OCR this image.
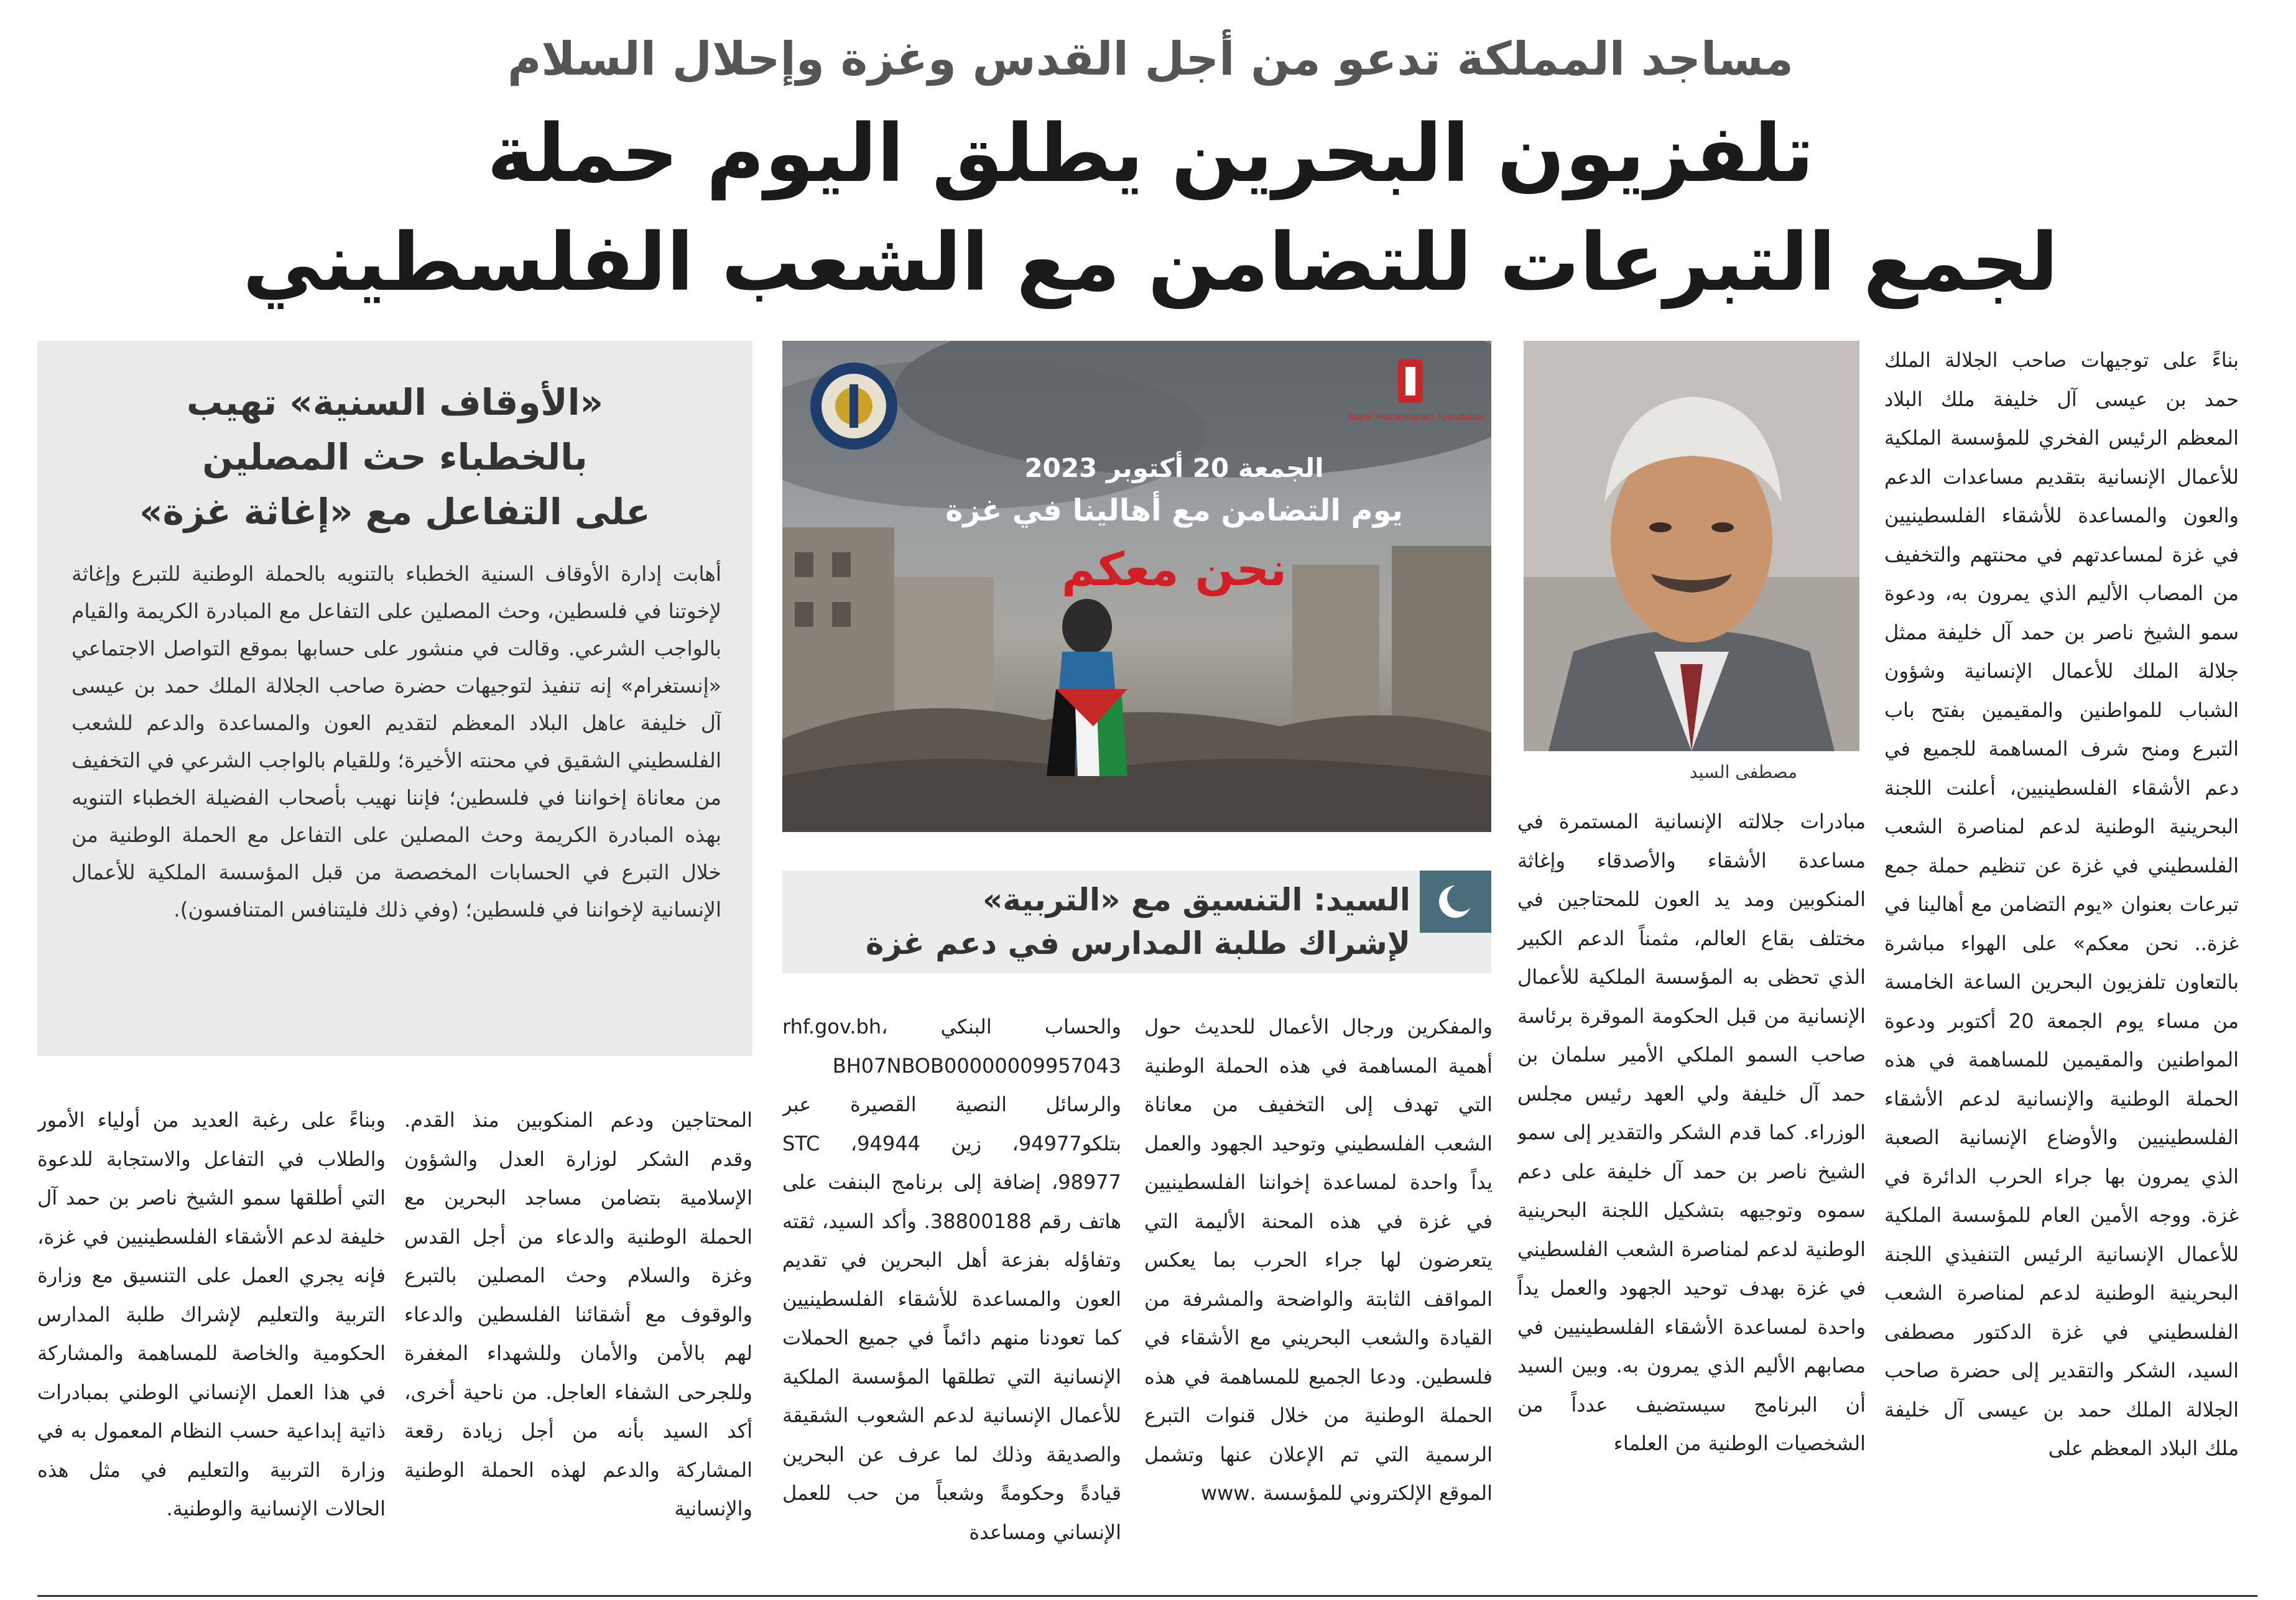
مساجد المملكة تدعو من أجل القدس وغزة وإحلال السلام
تلفزيون البحرين يطلق اليوم حملة
لجمع التبرعات للتضامن مع الشعب الفلسطيني

بناءً على توجيهات صاحب الجلالة الملك حمد بن عيسى آل خليفة ملك البلاد المعظم الرئيس الفخري للمؤسسة الملكية للأعمال الإنسانية بتقديم مساعدات الدعم والعون والمساعدة للأشقاء الفلسطينيين في غزة لمساعدتهم في محنتهم والتخفيف من المصاب الأليم الذي يمرون به، ودعوة سمو الشيخ ناصر بن حمد آل خليفة ممثل جلالة الملك للأعمال الإنسانية وشؤون الشباب للمواطنين والمقيمين بفتح باب التبرع ومنح شرف المساهمة للجميع في دعم الأشقاء الفلسطينيين، أعلنت اللجنة البحرينية الوطنية لدعم لمناصرة الشعب الفلسطيني في غزة عن تنظيم حملة جمع تبرعات بعنوان «يوم التضامن مع أهالينا في غزة.. نحن معكم» على الهواء مباشرة بالتعاون تلفزيون البحرين الساعة الخامسة من مساء يوم الجمعة 20 أكتوبر ودعوة المواطنين والمقيمين للمساهمة في هذه الحملة الوطنية والإنسانية لدعم الأشقاء الفلسطينيين والأوضاع الإنسانية الصعبة الذي يمرون بها جراء الحرب الدائرة في غزة. ووجه الأمين العام للمؤسسة الملكية للأعمال الإنسانية الرئيس التنفيذي اللجنة البحرينية الوطنية لدعم لمناصرة الشعب الفلسطيني في غزة الدكتور مصطفى السيد، الشكر والتقدير إلى حضرة صاحب الجلالة الملك حمد بن عيسى آل خليفة ملك البلاد المعظم على

مصطفى السيد

مبادرات جلالته الإنسانية المستمرة في مساعدة الأشقاء والأصدقاء وإغاثة المنكوبين ومد يد العون للمحتاجين في مختلف بقاع العالم، مثمناً الدعم الكبير الذي تحظى به المؤسسة الملكية للأعمال الإنسانية من قبل الحكومة الموقرة برئاسة صاحب السمو الملكي الأمير سلمان بن حمد آل خليفة ولي العهد رئيس مجلس الوزراء. كما قدم الشكر والتقدير إلى سمو الشيخ ناصر بن حمد آل خليفة على دعم سموه وتوجيهه بتشكيل اللجنة البحرينية الوطنية لدعم لمناصرة الشعب الفلسطيني في غزة بهدف توحيد الجهود والعمل يداً واحدة لمساعدة الأشقاء الفلسطينيين في مصابهم الأليم الذي يمرون به. وبين السيد أن البرنامج سيستضيف عدداً من الشخصيات الوطنية من العلماء

Royal Humanitarian Foundation
الجمعة 20 أكتوبر 2023
يوم التضامن مع أهالينا في غزة
نحن معكم
السيد: التنسيق مع «التربية»
لإشراك طلبة المدارس في دعم غزة

والمفكرين ورجال الأعمال للحديث حول أهمية المساهمة في هذه الحملة الوطنية التي تهدف إلى التخفيف من معاناة الشعب الفلسطيني وتوحيد الجهود والعمل يداً واحدة لمساعدة إخواننا الفلسطينيين في غزة في هذه المحنة الأليمة التي يتعرضون لها جراء الحرب بما يعكس المواقف الثابتة والواضحة والمشرفة من القيادة والشعب البحريني مع الأشقاء في فلسطين. ودعا الجميع للمساهمة في هذه الحملة الوطنية من خلال قنوات التبرع الرسمية التي تم الإعلان عنها وتشمل الموقع الإلكتروني للمؤسسة .www

rhf.gov.bh، والحساب البنكي BH07NBOB00000009957043 والرسائل النصية القصيرة عبر بتلكو94977، زين 94944، STC 98977، إضافة إلى برنامج البنفت على هاتف رقم 38800188. وأكد السيد، ثقته وتفاؤله بفزعة أهل البحرين في تقديم العون والمساعدة للأشقاء الفلسطينيين كما تعودنا منهم دائماً في جميع الحملات الإنسانية التي تطلقها المؤسسة الملكية للأعمال الإنسانية لدعم الشعوب الشقيقة والصديقة وذلك لما عرف عن البحرين قيادةً وحكومةً وشعباً من حب للعمل الإنساني ومساعدة

«الأوقاف السنية» تهيب
بالخطباء حث المصلين
على التفاعل مع «إغاثة غزة»
أهابت إدارة الأوقاف السنية الخطباء بالتنويه بالحملة الوطنية للتبرع وإغاثة لإخوتنا في فلسطين، وحث المصلين على التفاعل مع المبادرة الكريمة والقيام بالواجب الشرعي. وقالت في منشور على حسابها بموقع التواصل الاجتماعي «إنستغرام» إنه تنفيذ لتوجيهات حضرة صاحب الجلالة الملك حمد بن عيسى آل خليفة عاهل البلاد المعظم لتقديم العون والمساعدة والدعم للشعب الفلسطيني الشقيق في محنته الأخيرة؛ وللقيام بالواجب الشرعي في التخفيف من معاناة إخواننا في فلسطين؛ فإننا نهيب بأصحاب الفضيلة الخطباء التنويه بهذه المبادرة الكريمة وحث المصلين على التفاعل مع الحملة الوطنية من خلال التبرع في الحسابات المخصصة من قبل المؤسسة الملكية للأعمال الإنسانية لإخواننا في فلسطين؛ (وفي ذلك فليتنافس المتنافسون).

المحتاجين ودعم المنكوبين منذ القدم. وقدم الشكر لوزارة العدل والشؤون الإسلامية بتضامن مساجد البحرين مع الحملة الوطنية والدعاء من أجل القدس وغزة والسلام وحث المصلين بالتبرع والوقوف مع أشقائنا الفلسطين والدعاء لهم بالأمن والأمان وللشهداء المغفرة وللجرحى الشفاء العاجل. من ناحية أخرى، أكد السيد بأنه من أجل زيادة رقعة المشاركة والدعم لهذه الحملة الوطنية والإنسانية

وبناءً على رغبة العديد من أولياء الأمور والطلاب في التفاعل والاستجابة للدعوة التي أطلقها سمو الشيخ ناصر بن حمد آل خليفة لدعم الأشقاء الفلسطينيين في غزة، فإنه يجري العمل على التنسيق مع وزارة التربية والتعليم لإشراك طلبة المدارس الحكومية والخاصة للمساهمة والمشاركة في هذا العمل الإنساني الوطني بمبادرات ذاتية إبداعية حسب النظام المعمول به في وزارة التربية والتعليم في مثل هذه الحالات الإنسانية والوطنية.
